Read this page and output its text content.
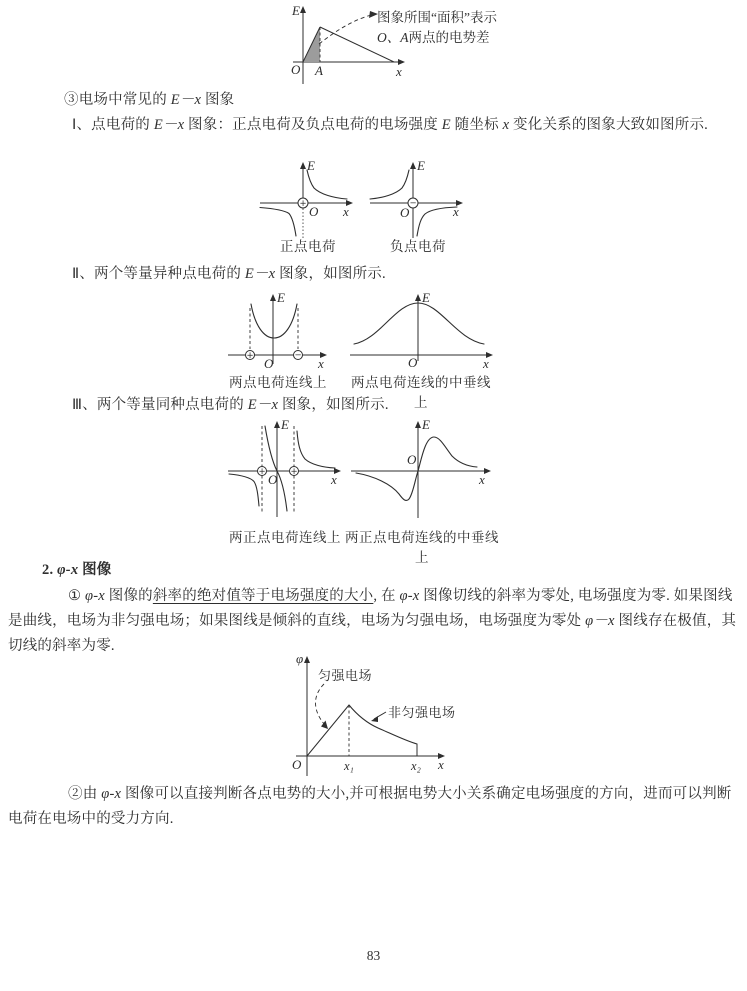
E
O A	x
图象所围“面积”表示
O、A两点的电势差

③电场中常见的 E－x 图象

Ⅰ、点电荷的 E－x 图象：正点电荷及负点电荷的电场强度 E 随坐标 x 变化关系的图象大致如图所示.

+ O
E
x
正点电荷
−
O
E
x
负点电荷

Ⅱ、两个等量异种点电荷的 E－x 图象，如图所示.

+	−
O
E
x
两点电荷连线上
O
E
x
两点电荷连线的中垂线上

Ⅲ、两个等量同种点电荷的 E－x 图象，如图所示.

+	+
O
E
x
两正点电荷连线上
O
E
x
两正点电荷连线的中垂线上

2. φ-x 图像

① φ-x 图像的斜率的绝对值等于电场强度的大小, 在 φ-x 图像切线的斜率为零处, 电场强度为零. 如果图线是曲线，电场为非匀强电场；如果图线是倾斜的直线，电场为匀强电场，电场强度为零处 φ－x 图线存在极值，其切线的斜率为零.

φ
O	x₁	x₂ x
匀强电场
非匀强电场

②由 φ-x 图像可以直接判断各点电势的大小,并可根据电势大小关系确定电场强度的方向，进而可以判断电荷在电场中的受力方向.

83
